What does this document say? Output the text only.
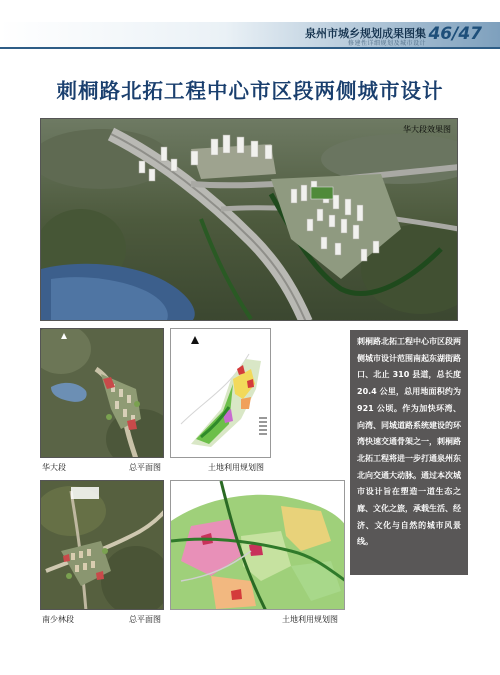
泉州市城乡规划成果图集
修建性详细规划及城市设计 46/47
刺桐路北拓工程中心市区段两侧城市设计
华大段效果图
华大段	总平面图	土地利用规划图
南少林段	总平面图	土地利用规划图

刺桐路北拓工程中心市区段两侧城市设计范围南起东湖街路口、北止 310 县道，总长度 20.4 公里，总用地面积约为 921 公顷。作为加快环湾、向湾、同城道路系统建设的环湾快速交通骨架之一，刺桐路北拓工程将进一步打通泉州东北向交通大动脉。通过本次城市设计旨在塑造一道生态之廊、文化之旅，承载生活、经济、文化与自然的城市风景线。
